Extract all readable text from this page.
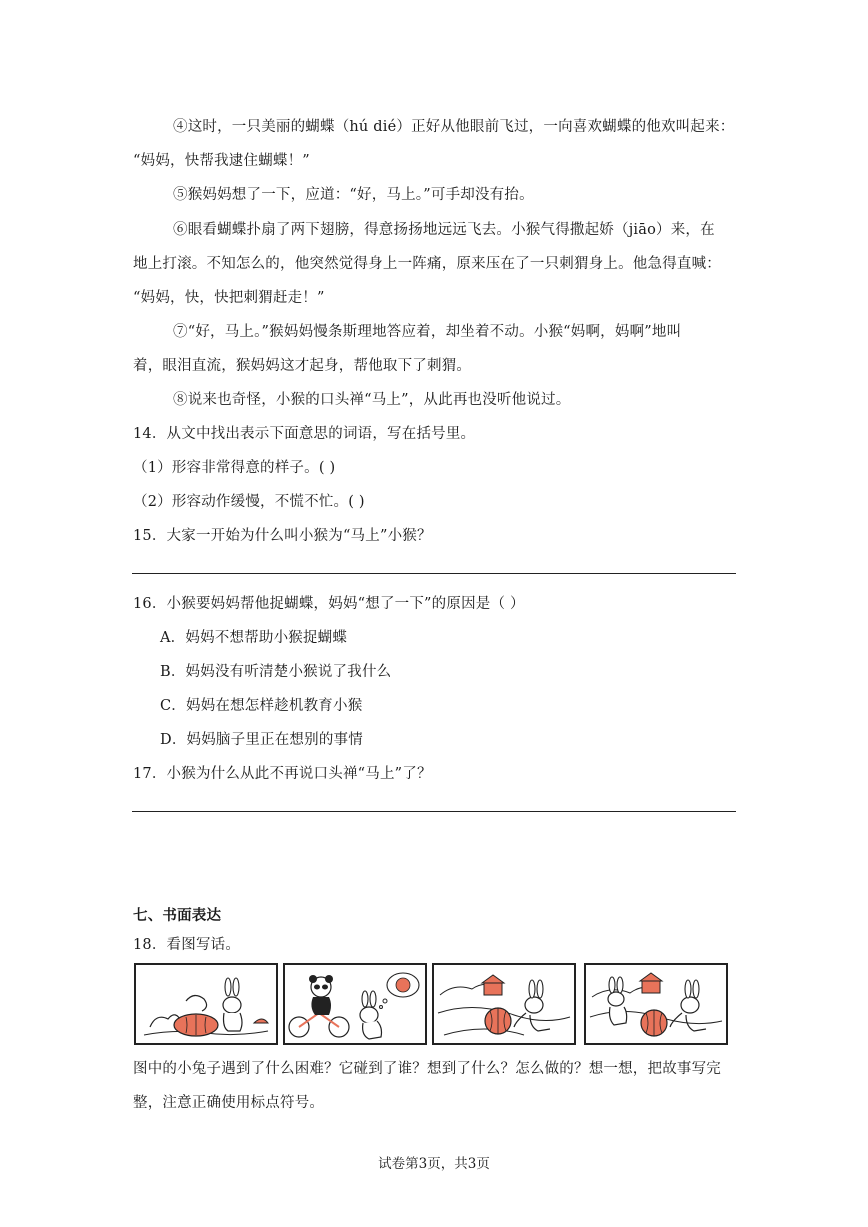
④这时，一只美丽的蝴蝶（hú dié）正好从他眼前飞过，一向喜欢蝴蝶的他欢叫起来：
“妈妈，快帮我逮住蝴蝶！”
⑤猴妈妈想了一下，应道：“好，马上。”可手却没有抬。
⑥眼看蝴蝶扑扇了两下翅膀，得意扬扬地远远飞去。小猴气得撒起娇（jiāo）来，在
地上打滚。不知怎么的，他突然觉得身上一阵痛，原来压在了一只刺猬身上。他急得直喊：
“妈妈，快，快把刺猬赶走！”
⑦“好，马上。”猴妈妈慢条斯理地答应着，却坐着不动。小猴“妈啊，妈啊”地叫
着，眼泪直流，猴妈妈这才起身，帮他取下了刺猬。
⑧说来也奇怪，小猴的口头禅“马上”，从此再也没听他说过。
14．从文中找出表示下面意思的词语，写在括号里。
（1）形容非常得意的样子。( )
（2）形容动作缓慢，不慌不忙。( )
15．大家一开始为什么叫小猴为“马上”小猴？
16．小猴要妈妈帮他捉蝴蝶，妈妈“想了一下”的原因是（ ）
A．妈妈不想帮助小猴捉蝴蝶
B．妈妈没有听清楚小猴说了我什么
C．妈妈在想怎样趁机教育小猴
D．妈妈脑子里正在想别的事情
17．小猴为什么从此不再说口头禅“马上”了？
七、书面表达
18．看图写话。
图中的小兔子遇到了什么困难？它碰到了谁？想到了什么？怎么做的？想一想，把故事写完
整，注意正确使用标点符号。
试卷第3页，共3页
